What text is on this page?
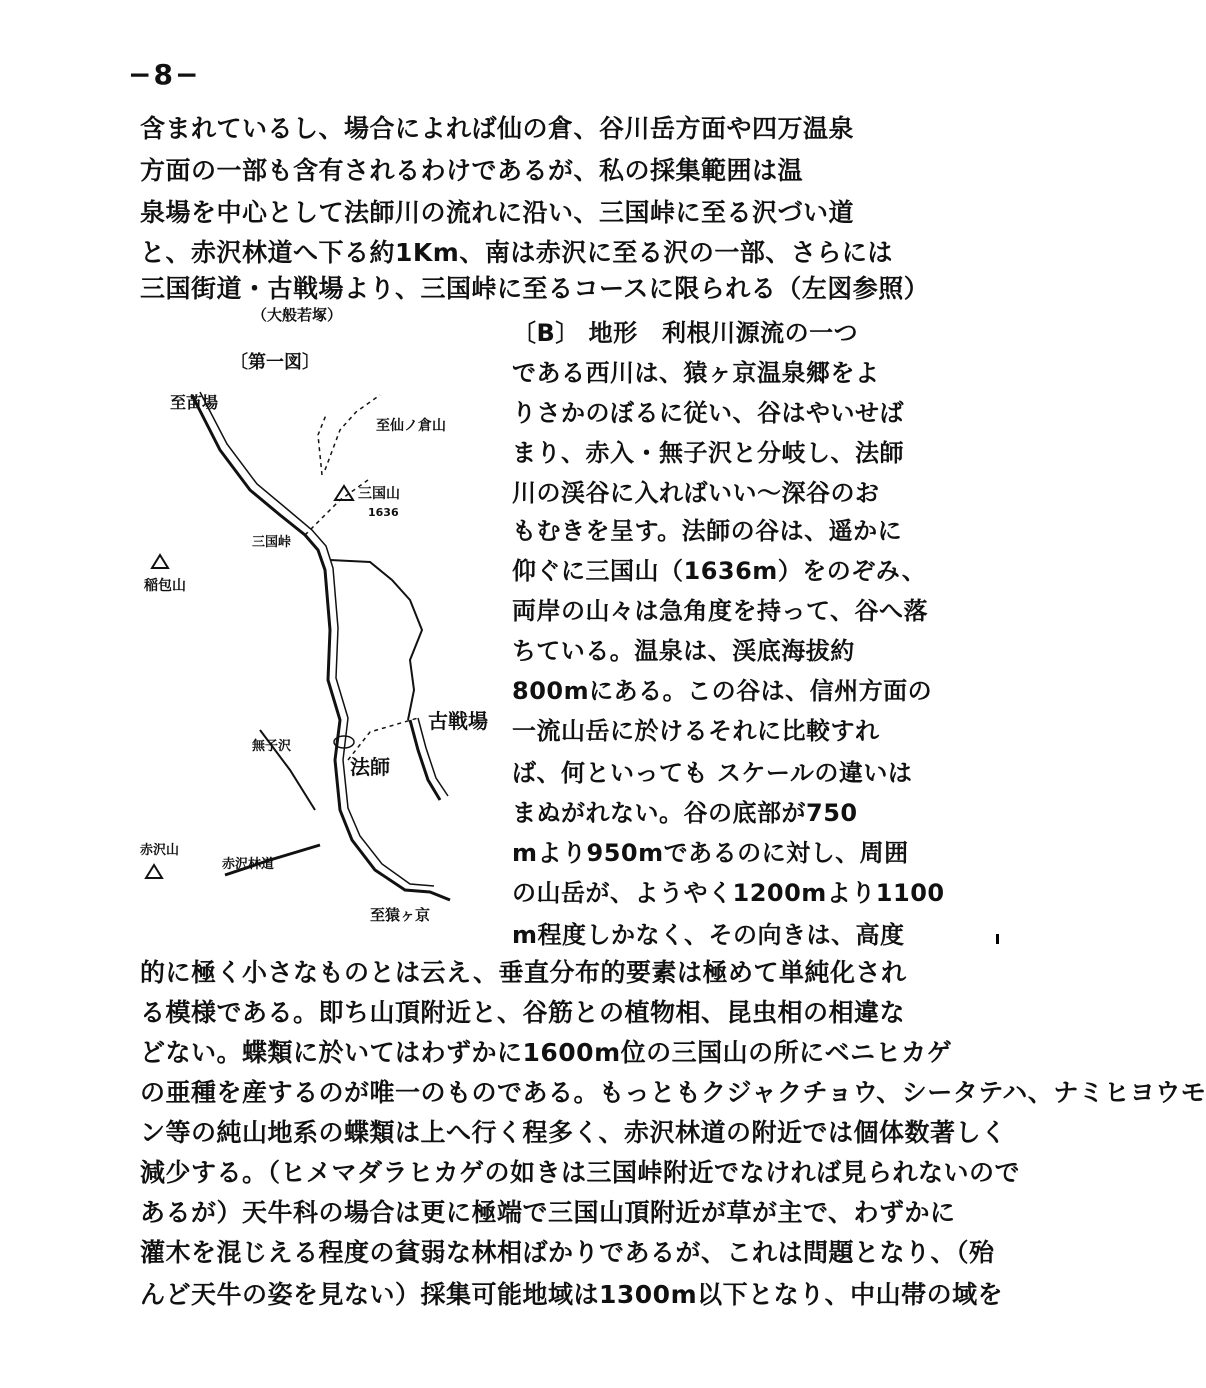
−8−
含まれているし、場合によれば仙の倉、谷川岳方面や四万温泉
方面の一部も含有されるわけであるが、私の採集範囲は温
泉場を中心として法師川の流れに沿い、三国峠に至る沢づい道
と、赤沢林道へ下る約1Km、南は赤沢に至る沢の一部、さらには
三国街道・古戦場より、三国峠に至るコースに限られる（左図参照）
（大般若塚）
〔B〕 地形　利根川源流の一つ
である西川は、猿ヶ京温泉郷をよ
りさかのぼるに従い、谷はやいせば
まり、赤入・無子沢と分岐し、法師
川の渓谷に入ればいい〜深谷のお
もむきを呈す。法師の谷は、遥かに
仰ぐに三国山（1636m）をのぞみ、
両岸の山々は急角度を持って、谷へ落
ちている。温泉は、渓底海拔約
800mにある。この谷は、信州方面の
一流山岳に於けるそれに比較すれ
ば、何といっても スケールの違いは
まぬがれない。谷の底部が750
mより950mであるのに対し、周囲
の山岳が、ようやく1200mより1100
m程度しかなく、その向きは、高度
的に極く小さなものとは云え、垂直分布的要素は極めて単純化され
る模様である。即ち山頂附近と、谷筋との植物相、昆虫相の相違な
どない。蝶類に於いてはわずかに1600m位の三国山の所にベニヒカゲ
の亜種を産するのが唯一のものである。もっともクジャクチョウ、シータテハ、ナミヒヨウモ
ン等の純山地系の蝶類は上へ行く程多く、赤沢林道の附近では個体数著しく
減少する。（ヒメマダラヒカゲの如きは三国峠附近でなければ見られないので
あるが）天牛科の場合は更に極端で三国山頂附近が草が主で、わずかに
灌木を混じえる程度の貧弱な林相ばかりであるが、これは問題となり、（殆
んど天牛の姿を見ない）採集可能地域は1300m以下となり、中山帯の域を
〔第一図〕
至苗場
至仙ノ倉山
三国山
1636
三国峠
稲包山
古戦場
法師
無子沢
赤沢山
赤沢林道
至猿ヶ京
